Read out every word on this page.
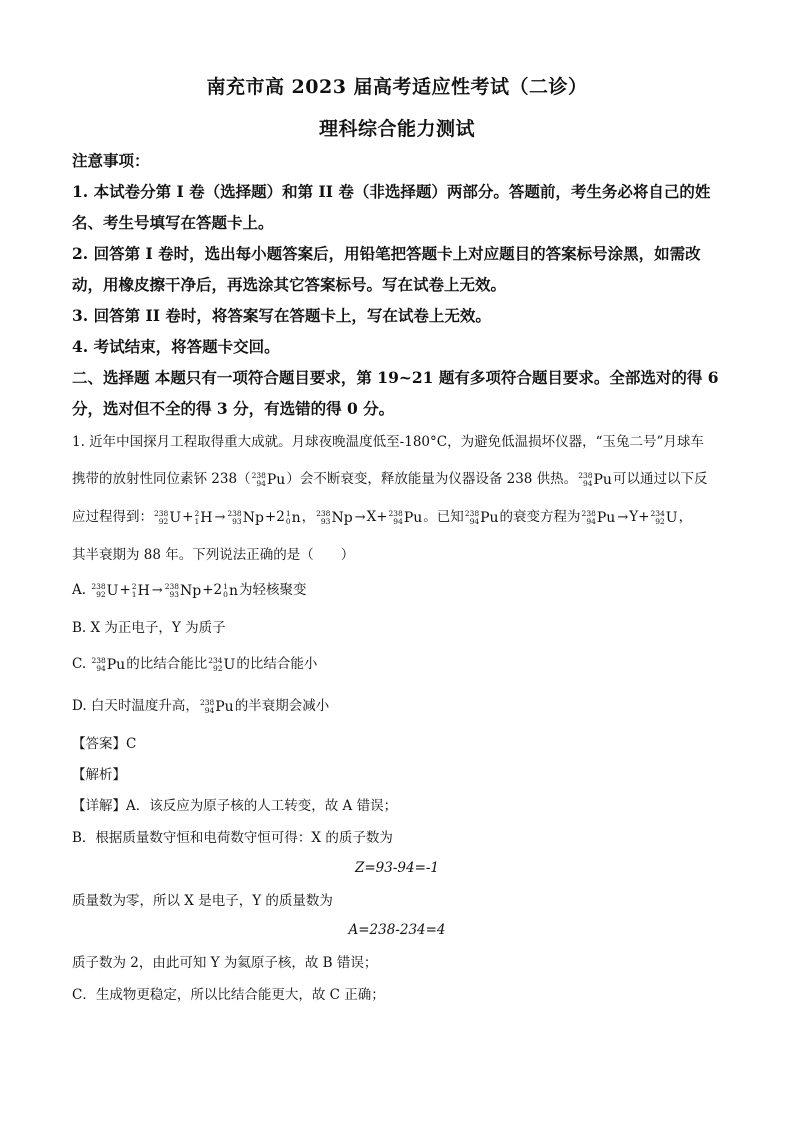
南充市高 2023 届高考适应性考试（二诊）
理科综合能力测试
注意事项：
1. 本试卷分第 I 卷（选择题）和第 II 卷（非选择题）两部分。答题前，考生务必将自己的姓
名、考生号填写在答题卡上。
2. 回答第 I 卷时，选出每小题答案后，用铅笔把答题卡上对应题目的答案标号涂黑，如需改
动，用橡皮擦干净后，再选涂其它答案标号。写在试卷上无效。
3. 回答第 II 卷时，将答案写在答题卡上，写在试卷上无效。
4. 考试结束，将答题卡交回。
二、选择题 本题只有一项符合题目要求，第 19~21 题有多项符合题目要求。全部选对的得 6
分，选对但不全的得 3 分，有选错的得 0 分。
1. 近年中国探月工程取得重大成就。月球夜晚温度低至-180°C，为避免低温损坏仪器，“玉兔二号”月球车
携带的放射性同位素钚 238（ 238
94 Pu ）会不断衰变，释放能量为仪器设备 238 供热。 238
94 Pu 可以通过以下反
应过程得到： 238
92 U + 2
1 H → 238
93 Np +2 1
0 n ， 238
93 Np →X+ 238
94 Pu 。已知 238
94 Pu 的衰变方程为 238
94 Pu →Y+ 234
92 U ，
其半衰期为 88 年。下列说法正确的是（　　）
A. 238
92 U + 2
1 H → 238
93 Np +2 1
0 n 为轻核聚变
B. X 为正电子，Y 为质子
C. 238
94 Pu 的比结合能比 234
92 U 的比结合能小
D. 白天时温度升高， 238
94 Pu 的半衰期会减小
【答案】C
【解析】
【详解】A．该反应为原子核的人工转变，故 A 错误；
B．根据质量数守恒和电荷数守恒可得：X 的质子数为
Z=93-94=-1
质量数为零，所以 X 是电子，Y 的质量数为
A=238-234=4
质子数为 2，由此可知 Y 为氦原子核，故 B 错误；
C．生成物更稳定，所以比结合能更大，故 C 正确；
